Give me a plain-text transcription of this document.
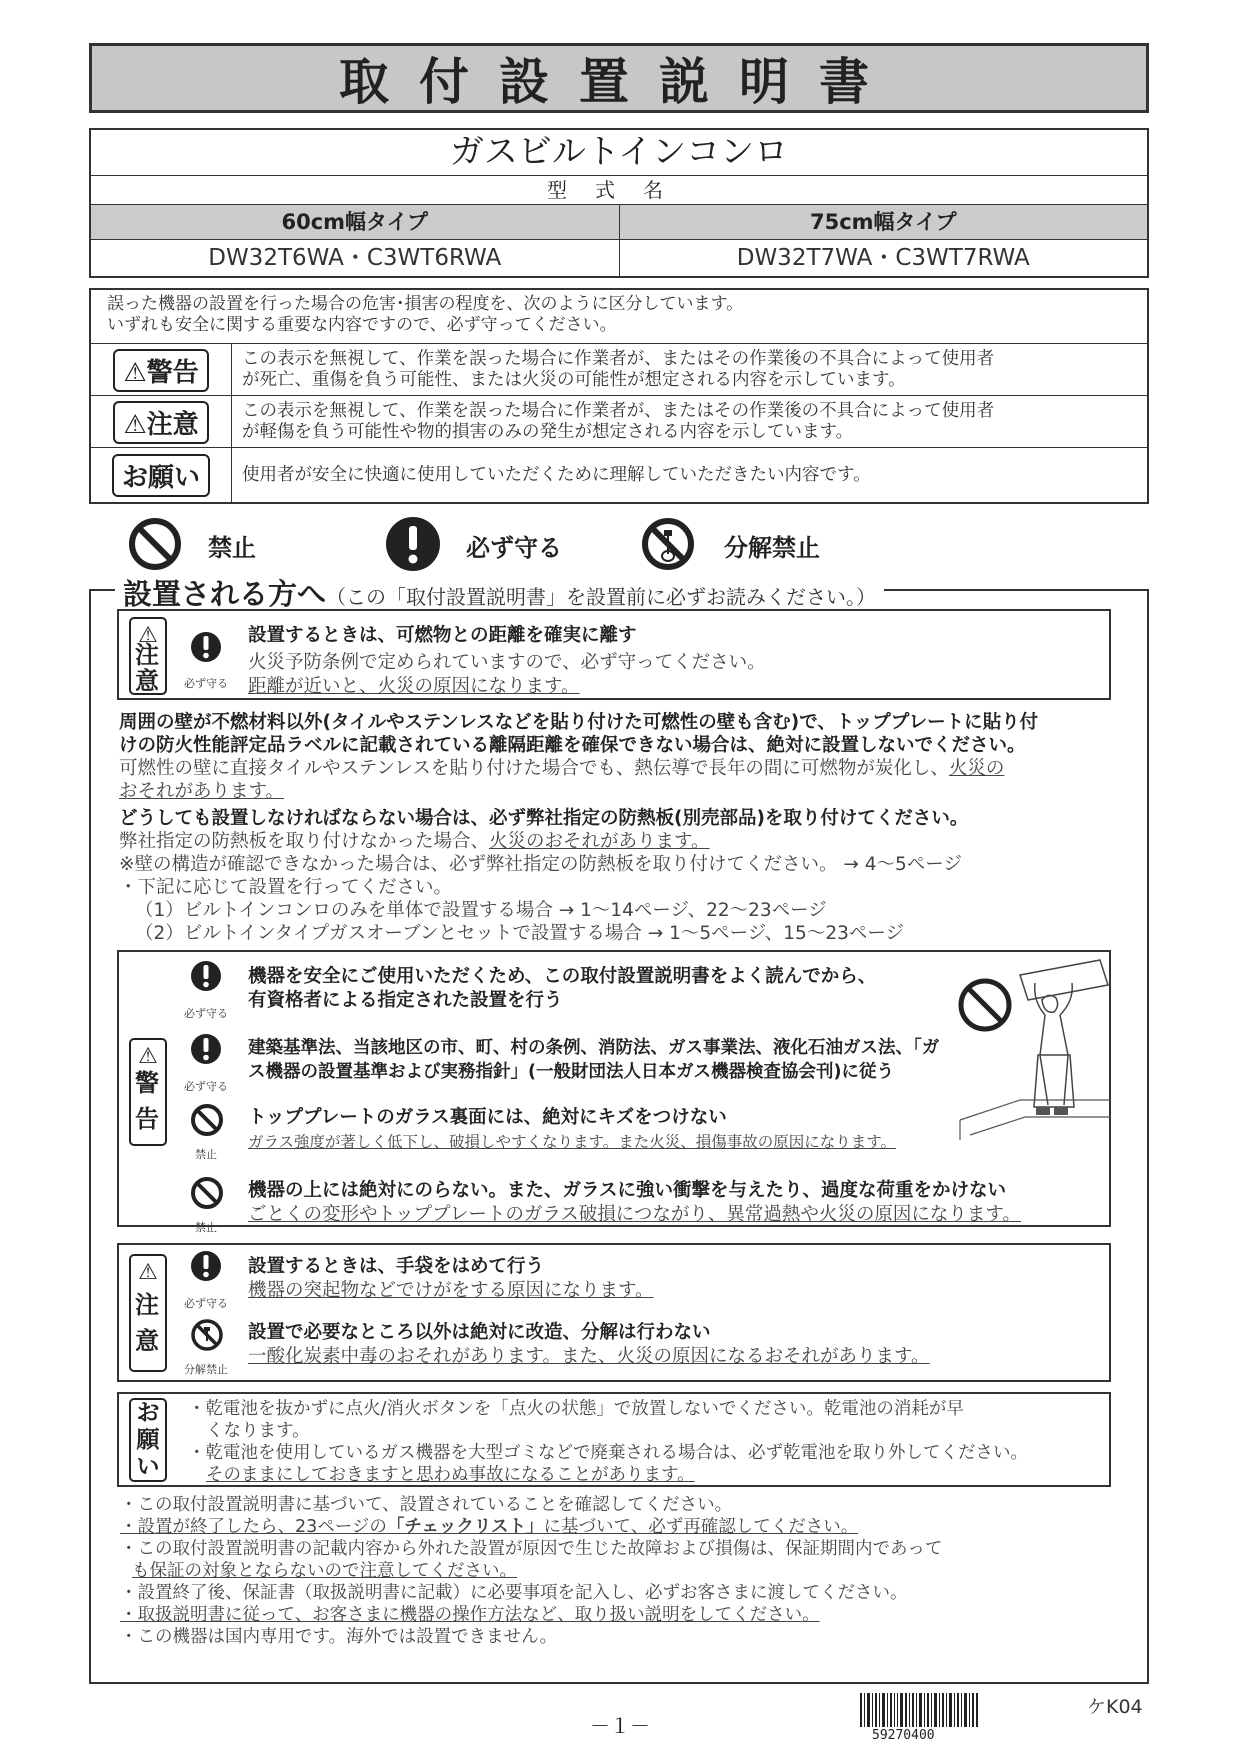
取付設置説明書
ガスビルトインコンロ
型式名
60cm幅タイプ	75cm幅タイプ
DW32T6WA・C3WT6RWA	DW32T7WA・C3WT7RWA
誤った機器の設置を行った場合の危害･損害の程度を、次のように区分しています。
いずれも安全に関する重要な内容ですので、必ず守ってください。
⚠警告	この表示を無視して、作業を誤った場合に作業者が、またはその作業後の不具合によって使用者
が死亡、重傷を負う可能性、または火災の可能性が想定される内容を示しています。
⚠注意	この表示を無視して、作業を誤った場合に作業者が、またはその作業後の不具合によって使用者
が軽傷を負う可能性や物的損害のみの発生が想定される内容を示しています。
お願い	使用者が安全に快適に使用していただくために理解していただきたい内容です。
禁止	必ず守る	分解禁止
設置される方へ（この「取付設置説明書」を設置前に必ずお読みください。）
⚠
注
意 必ず守る
設置するときは、可燃物との距離を確実に離す
火災予防条例で定められていますので、必ず守ってください。
距離が近いと、火災の原因になります。
周囲の壁が不燃材料以外(タイルやステンレスなどを貼り付けた可燃性の壁も含む)で、トッププレートに貼り付
けの防火性能評定品ラベルに記載されている離隔距離を確保できない場合は、絶対に設置しないでください。
可燃性の壁に直接タイルやステンレスを貼り付けた場合でも、熱伝導で長年の間に可燃物が炭化し、火災の
おそれがあります。
どうしても設置しなければならない場合は、必ず弊社指定の防熱板(別売部品)を取り付けてください。
弊社指定の防熱板を取り付けなかった場合、火災のおそれがあります。
※壁の構造が確認できなかった場合は、必ず弊社指定の防熱板を取り付けてください。 → 4〜5ページ
・下記に応じて設置を行ってください。
（1）ビルトインコンロのみを単体で設置する場合 → 1〜14ページ、22〜23ページ
（2）ビルトインタイプガスオーブンとセットで設置する場合 → 1〜5ページ、15〜23ページ
⚠
警
告
必ず守る
機器を安全にご使用いただくため、この取付設置説明書をよく読んでから、
有資格者による指定された設置を行う
必ず守る
建築基準法、当該地区の市、町、村の条例、消防法、ガス事業法、液化石油ガス法、「ガ
ス機器の設置基準および実務指針」(一般財団法人日本ガス機器検査協会刊)に従う
禁止
トッププレートのガラス裏面には、絶対にキズをつけない
ガラス強度が著しく低下し、破損しやすくなります。また火災、損傷事故の原因になります。
禁止
機器の上には絶対にのらない。また、ガラスに強い衝撃を与えたり、過度な荷重をかけない
ごとくの変形やトッププレートのガラス破損につながり、異常過熱や火災の原因になります。
⚠
注
意
必ず守る
設置するときは、手袋をはめて行う
機器の突起物などでけがをする原因になります。
分解禁止
設置で必要なところ以外は絶対に改造、分解は行わない
一酸化炭素中毒のおそれがあります。また、火災の原因になるおそれがあります。
お
願
い
・乾電池を抜かずに点火/消火ボタンを「点火の状態」で放置しないでください。乾電池の消耗が早
くなります。
・乾電池を使用しているガス機器を大型ゴミなどで廃棄される場合は、必ず乾電池を取り外してください。
そのままにしておきますと思わぬ事故になることがあります。
・この取付設置説明書に基づいて、設置されていることを確認してください。
・設置が終了したら、23ページの「チェックリスト」に基づいて、必ず再確認してください。
・この取付設置説明書の記載内容から外れた設置が原因で生じた故障および損傷は、保証期間内であって
も保証の対象とならないので注意してください。
・設置終了後、保証書（取扱説明書に記載）に必要事項を記入し、必ずお客さまに渡してください。
・取扱説明書に従って、お客さまに機器の操作方法など、取り扱い説明をしてください。
・この機器は国内専用です。海外では設置できません。
－１－	59270400
ケK04
